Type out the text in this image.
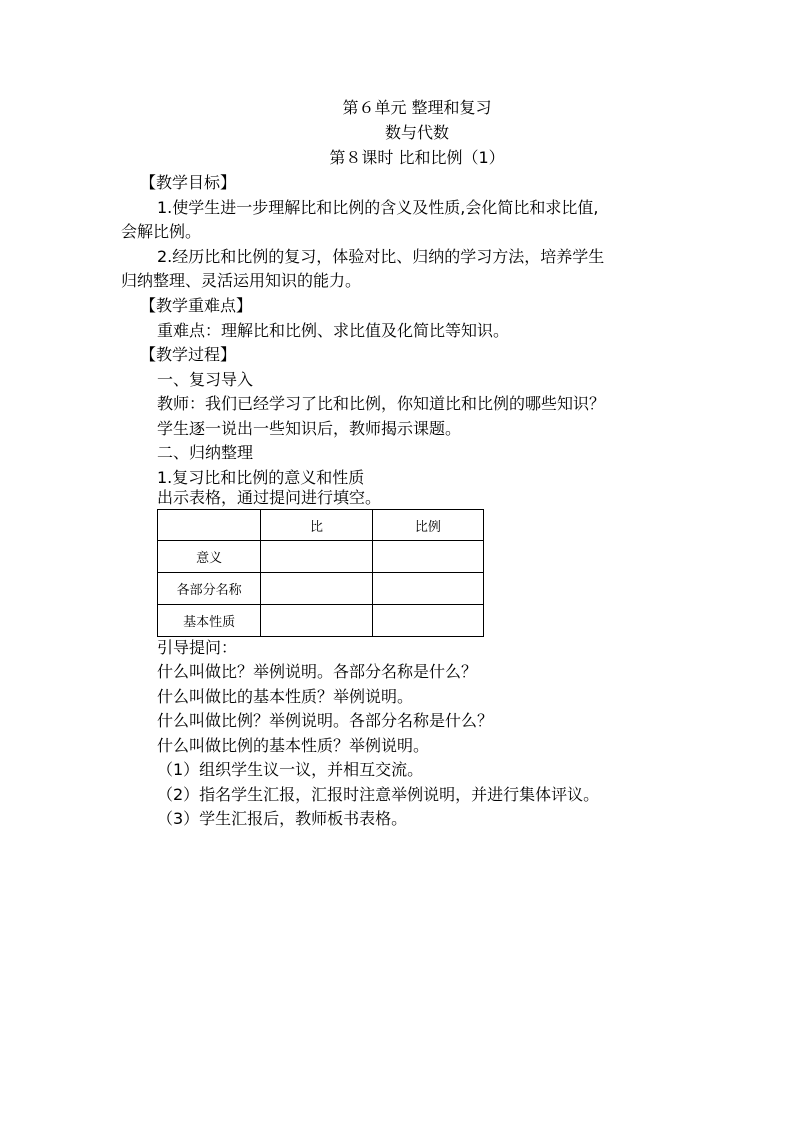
第６单元 整理和复习
数与代数
第８课时 比和比例（1）
【教学目标】
1.使学生进一步理解比和比例的含义及性质,会化简比和求比值,
会解比例。
2.经历比和比例的复习，体验对比、归纳的学习方法，培养学生
归纳整理、灵活运用知识的能力。
【教学重难点】
重难点：理解比和比例、求比值及化简比等知识。
【教学过程】
一、复习导入
教师：我们已经学习了比和比例，你知道比和比例的哪些知识？
学生逐一说出一些知识后，教师揭示课题。
二、归纳整理
1.复习比和比例的意义和性质
出示表格，通过提问进行填空。
	比	比例
意义		
各部分名称		
基本性质		
引导提问：
什么叫做比？举例说明。各部分名称是什么？
什么叫做比的基本性质？举例说明。
什么叫做比例？举例说明。各部分名称是什么？
什么叫做比例的基本性质？举例说明。
（1）组织学生议一议，并相互交流。
（2）指名学生汇报，汇报时注意举例说明，并进行集体评议。
（3）学生汇报后，教师板书表格。
